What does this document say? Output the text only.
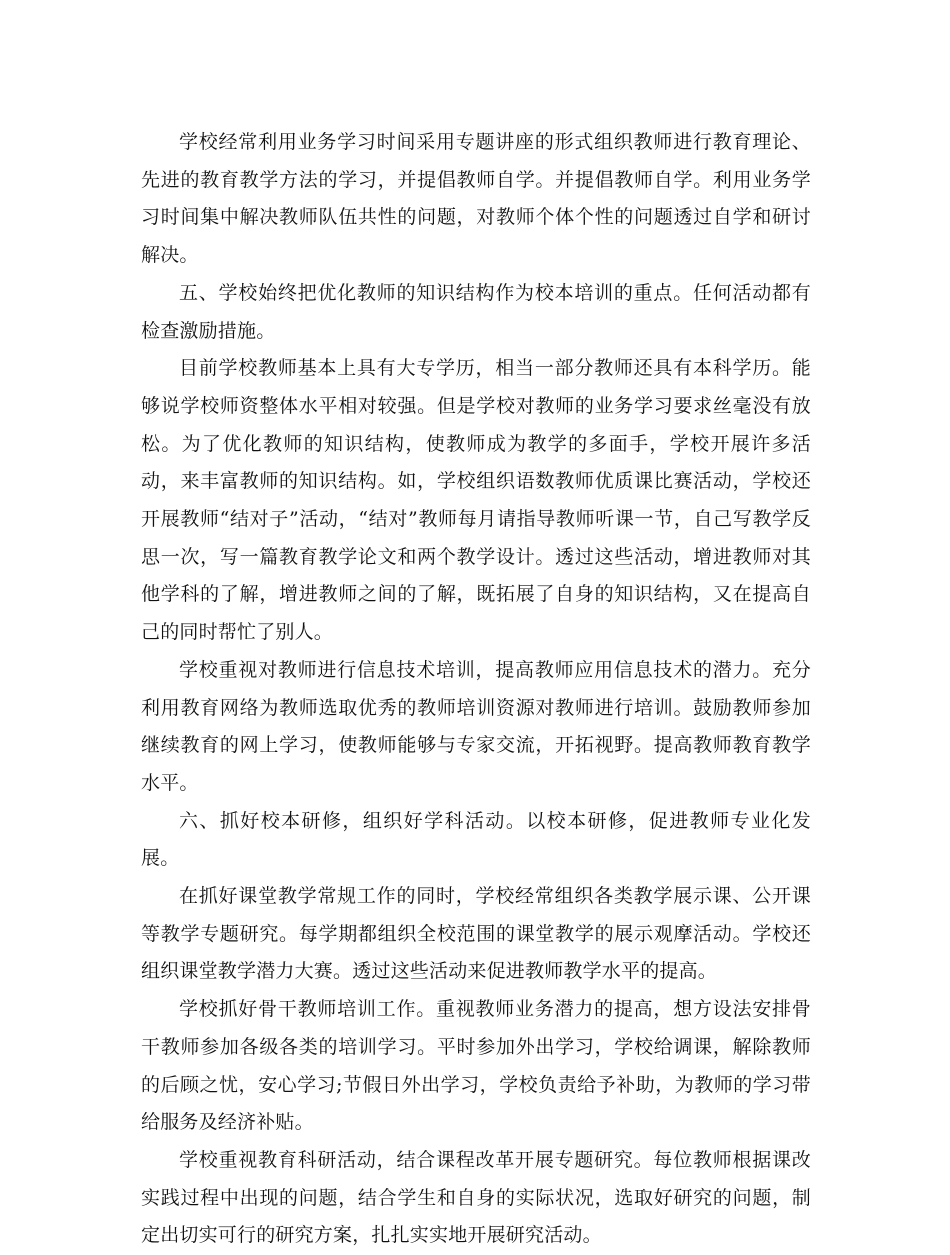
学校经常利用业务学习时间采用专题讲座的形式组织教师进行教育理论、先进的教育教学方法的学习，并提倡教师自学。并提倡教师自学。利用业务学习时间集中解决教师队伍共性的问题，对教师个体个性的问题透过自学和研讨解决。

五、学校始终把优化教师的知识结构作为校本培训的重点。任何活动都有检查激励措施。

目前学校教师基本上具有大专学历，相当一部分教师还具有本科学历。能够说学校师资整体水平相对较强。但是学校对教师的业务学习要求丝毫没有放松。为了优化教师的知识结构，使教师成为教学的多面手，学校开展许多活动，来丰富教师的知识结构。如，学校组织语数教师优质课比赛活动，学校还开展教师“结对子”活动，“结对”教师每月请指导教师听课一节，自己写教学反思一次，写一篇教育教学论文和两个教学设计。透过这些活动，增进教师对其他学科的了解，增进教师之间的了解，既拓展了自身的知识结构，又在提高自己的同时帮忙了别人。

学校重视对教师进行信息技术培训，提高教师应用信息技术的潜力。充分利用教育网络为教师选取优秀的教师培训资源对教师进行培训。鼓励教师参加继续教育的网上学习，使教师能够与专家交流，开拓视野。提高教师教育教学水平。

六、抓好校本研修，组织好学科活动。以校本研修，促进教师专业化发展。

在抓好课堂教学常规工作的同时，学校经常组织各类教学展示课、公开课等教学专题研究。每学期都组织全校范围的课堂教学的展示观摩活动。学校还组织课堂教学潜力大赛。透过这些活动来促进教师教学水平的提高。

学校抓好骨干教师培训工作。重视教师业务潜力的提高，想方设法安排骨干教师参加各级各类的培训学习。平时参加外出学习，学校给调课，解除教师的后顾之忧，安心学习;节假日外出学习，学校负责给予补助，为教师的学习带给服务及经济补贴。

学校重视教育科研活动，结合课程改革开展专题研究。每位教师根据课改实践过程中出现的问题，结合学生和自身的实际状况，选取好研究的问题，制定出切实可行的研究方案，扎扎实实地开展研究活动。
